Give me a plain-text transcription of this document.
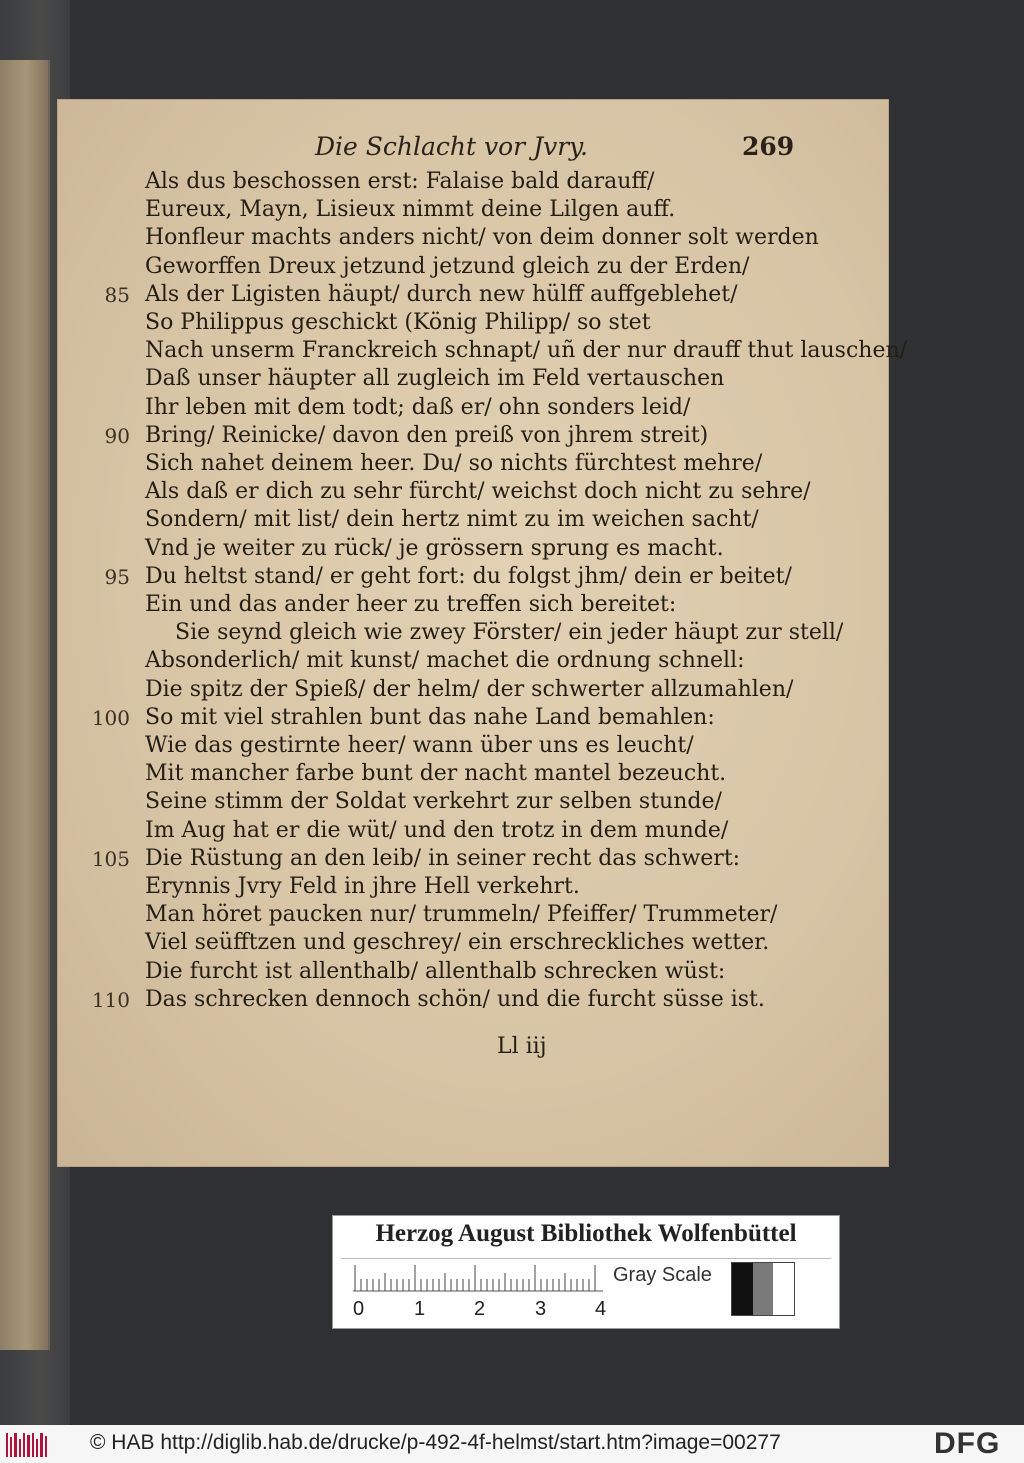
Die Schlacht vor Jvry.	269
Als dus beschossen erst: Falaise bald darauff/
Eureux, Mayn, Lisieux nimmt deine Lilgen auff.
Honfleur machts anders nicht/ von deim donner solt werden
Geworffen Dreux jetzund jetzund gleich zu der Erden/
Als der Ligisten häupt/ durch new hülff auffgeblehet/
85
So Philippus geschickt (König Philipp/ so stet
Nach unserm Franckreich schnapt/ uñ der nur drauff thut lauschen/
Daß unser häupter all zugleich im Feld vertauschen
Ihr leben mit dem todt; daß er/ ohn sonders leid/
Bring/ Reinicke/ davon den preiß von jhrem streit)
90
Sich nahet deinem heer. Du/ so nichts fürchtest mehre/
Als daß er dich zu sehr fürcht/ weichst doch nicht zu sehre/
Sondern/ mit list/ dein hertz nimt zu im weichen sacht/
Vnd je weiter zu rück/ je grössern sprung es macht.
Du heltst stand/ er geht fort: du folgst jhm/ dein er beitet/
95
Ein und das ander heer zu treffen sich bereitet:
Sie seynd gleich wie zwey Förster/ ein jeder häupt zur stell/
Absonderlich/ mit kunst/ machet die ordnung schnell:
Die spitz der Spieß/ der helm/ der schwerter allzumahlen/
So mit viel strahlen bunt das nahe Land bemahlen:
100
Wie das gestirnte heer/ wann über uns es leucht/
Mit mancher farbe bunt der nacht mantel bezeucht.
Seine stimm der Soldat verkehrt zur selben stunde/
Im Aug hat er die wüt/ und den trotz in dem munde/
Die Rüstung an den leib/ in seiner recht das schwert:
105
Erynnis Jvry Feld in jhre Hell verkehrt.
Man höret paucken nur/ trummeln/ Pfeiffer/ Trummeter/
Viel seüfftzen und geschrey/ ein erschreckliches wetter.
Die furcht ist allenthalb/ allenthalb schrecken wüst:
Das schrecken dennoch schön/ und die furcht süsse ist.
110
Ll iij
Herzog August Bibliothek Wolfenbüttel
Gray Scale
0 1 2 3 4
© HAB http://diglib.hab.de/drucke/p-492-4f-helmst/start.htm?image=00277	DFG
